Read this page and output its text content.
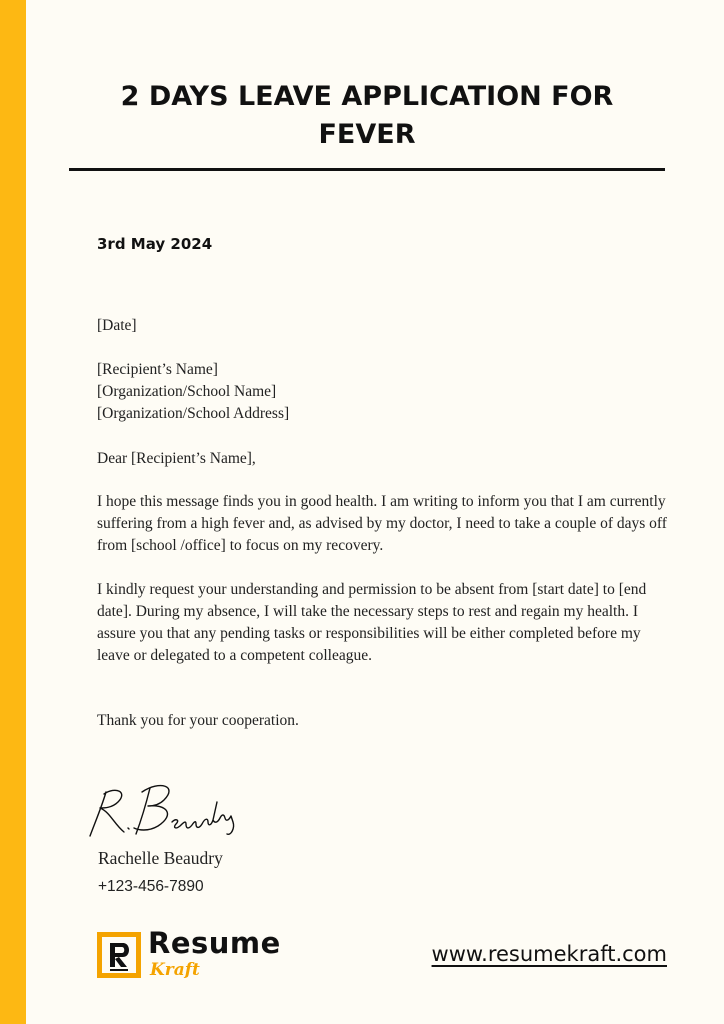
2 DAYS LEAVE APPLICATION FOR
FEVER
3rd May 2024

[Date]

[Recipient’s Name]
[Organization/School Name]
[Organization/School Address]

Dear [Recipient’s Name],

I hope this message finds you in good health. I am writing to inform you that I am currently suffering from a high fever and, as advised by my doctor, I need to take a couple of days off from [school /office] to focus on my recovery.

I kindly request your understanding and permission to be absent from [start date] to [end date]. During my absence, I will take the necessary steps to rest and regain my health. I assure you that any pending tasks or responsibilities will be either completed before my leave or delegated to a competent colleague.

Thank you for your cooperation.

Rachelle Beaudry
+123-456-7890
Resume
Kraft
www.resumekraft.com
